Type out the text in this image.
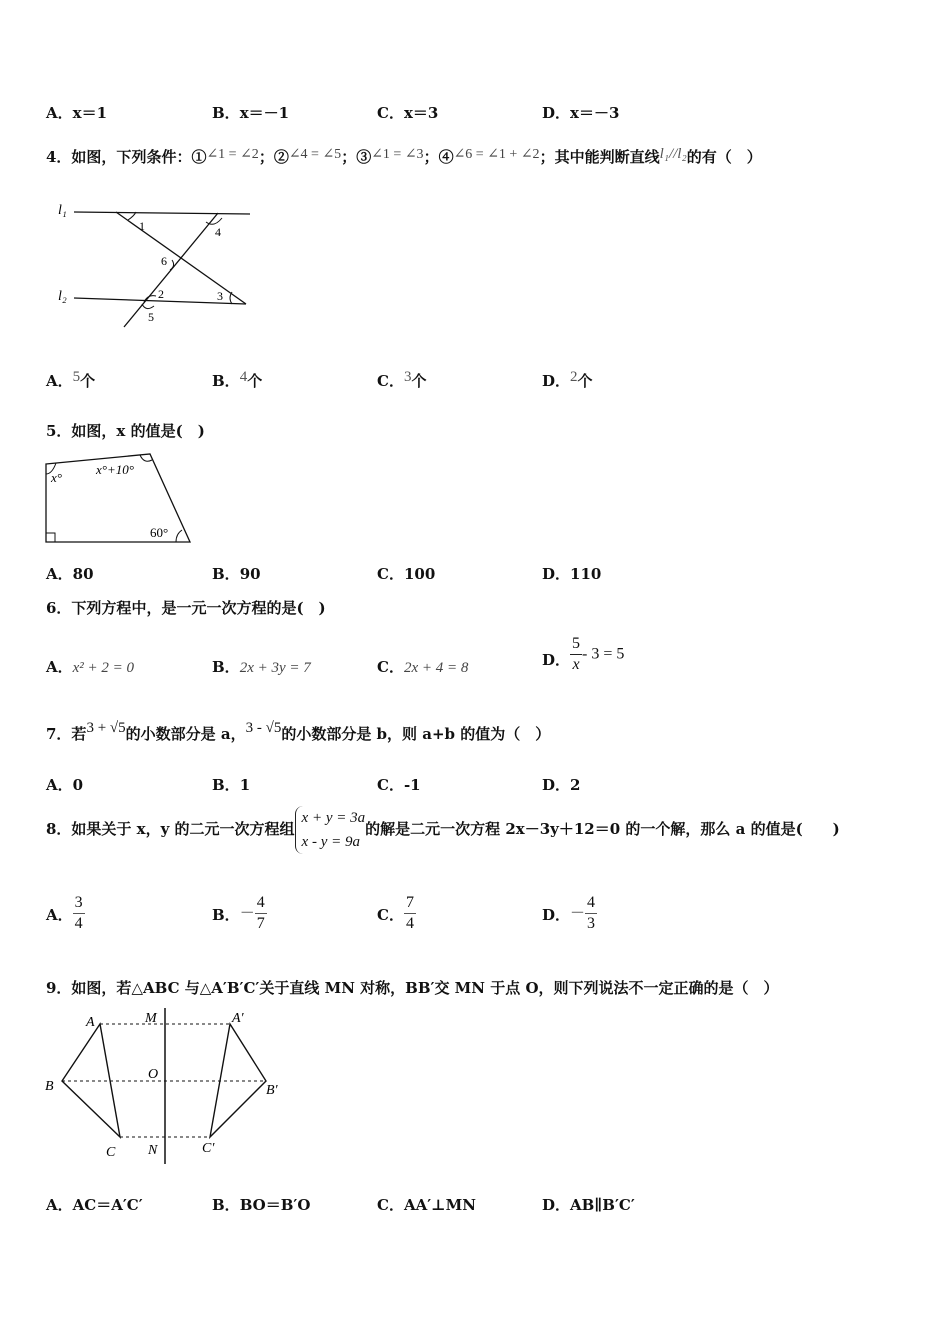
A．x＝1	B．x＝－1	C．x＝3	D．x＝－3
4．如图，下列条件：①∠1 = ∠2；②∠4 = ∠5；③∠1 = ∠3；④∠6 = ∠1 + ∠2；其中能判断直线l₁//l₂的有（　）
l₁
l₂
1	4
6
2	3
5
A．5个	B．4个	C．3个	D．2个
5．如图，x 的值是(　)
x°
x°+10°
60°
A．80	B．90	C．100	D．110
6．下列方程中，是一元一次方程的是(　)
A．x² + 2 = 0	B．2x + 3y = 7	C．2x + 4 = 8	D． $\frac{5}{x} - 3 = 5$
7．若3 + √5的小数部分是 a，3 - √5的小数部分是 b，则 a+b 的值为（　）
A．0	B．1	C．-1	D．2
8．如果关于 x，y 的二元一次方程组
x + y = 3a
x - y = 9a
的解是二元一次方程 2x－3y＋12＝0 的一个解，那么 a 的值是(　　)
A． $\frac{3}{4}$	B．－ $\frac{4}{7}$	C． $\frac{7}{4}$	D．－ $\frac{4}{3}$
9．如图，若△ABC 与△A′B′C′关于直线 MN 对称，BB′交 MN 于点 O，则下列说法不一定正确的是（　）
A
B
C
A′
B′
C′
M
N
O
A．AC＝A′C′	B．BO＝B′O	C．AA′⊥MN	D．AB∥B′C′
